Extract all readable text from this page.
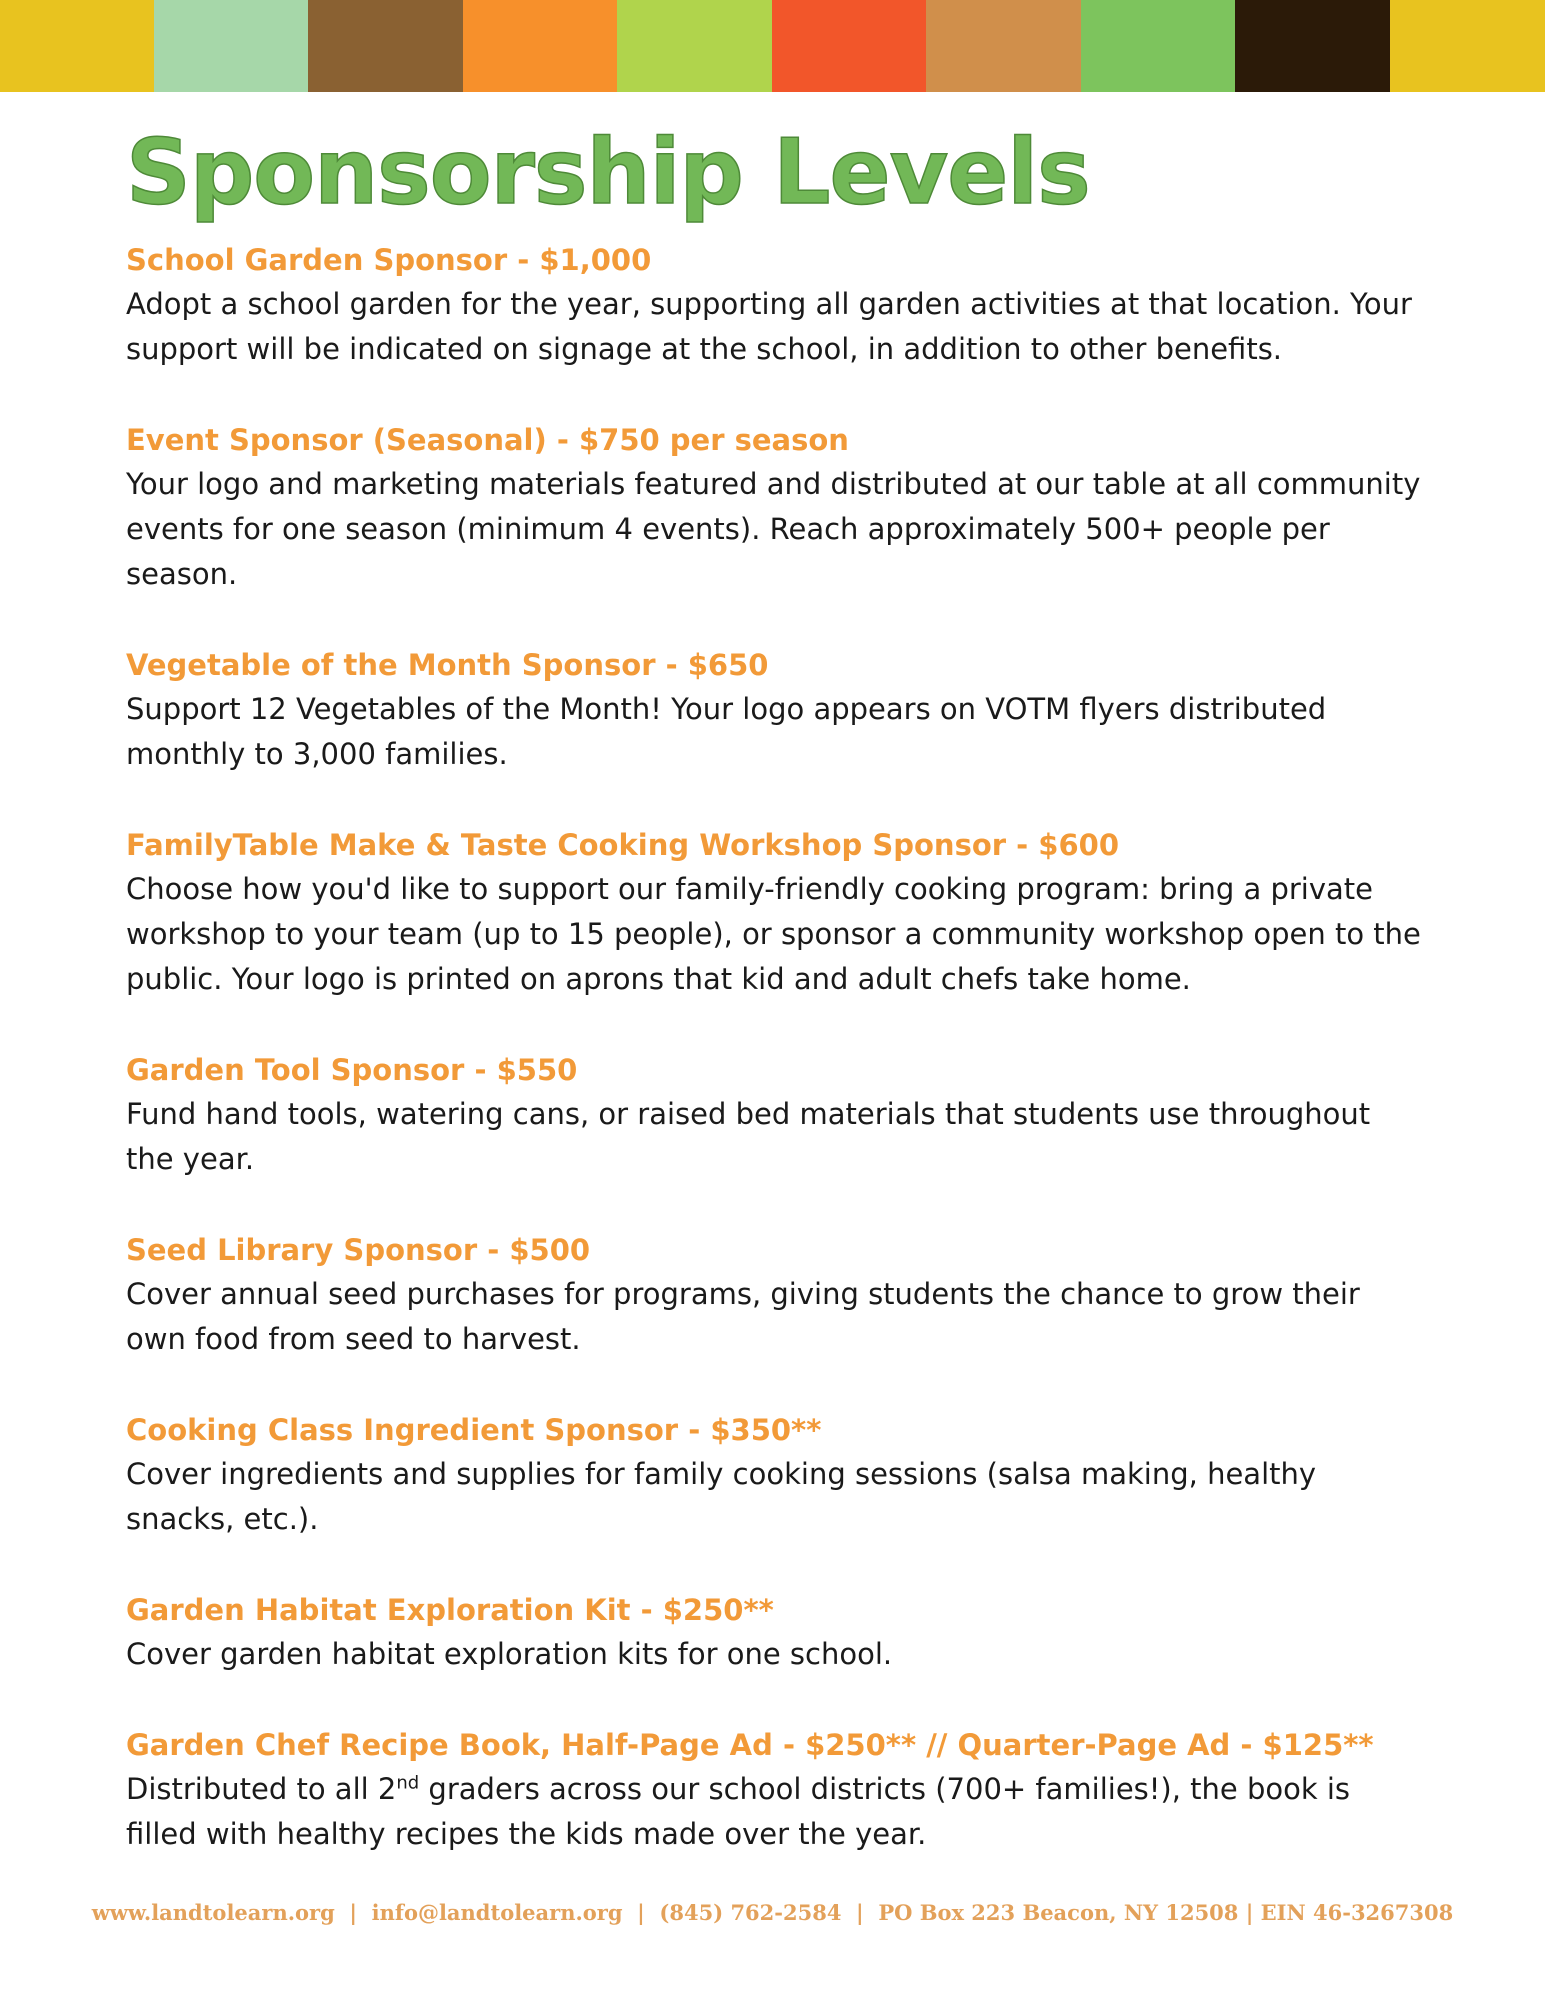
Sponsorship Levels

School Garden Sponsor - $1,000

Adopt a school garden for the year, supporting all garden activities at that location. Your support will be indicated on signage at the school, in addition to other benefits.

Event Sponsor (Seasonal) - $750 per season

Your logo and marketing materials featured and distributed at our table at all community events for one season (minimum 4 events). Reach approximately 500+ people per season.

Vegetable of the Month Sponsor - $650

Support 12 Vegetables of the Month! Your logo appears on VOTM flyers distributed monthly to 3,000 families.

FamilyTable Make & Taste Cooking Workshop Sponsor - $600

Choose how you'd like to support our family-friendly cooking program: bring a private workshop to your team (up to 15 people), or sponsor a community workshop open to the public. Your logo is printed on aprons that kid and adult chefs take home.

Garden Tool Sponsor - $550

Fund hand tools, watering cans, or raised bed materials that students use throughout the year.

Seed Library Sponsor - $500

Cover annual seed purchases for programs, giving students the chance to grow their own food from seed to harvest.

Cooking Class Ingredient Sponsor - $350**

Cover ingredients and supplies for family cooking sessions (salsa making, healthy snacks, etc.).

Garden Habitat Exploration Kit - $250**

Cover garden habitat exploration kits for one school.

Garden Chef Recipe Book, Half-Page Ad - $250** // Quarter-Page Ad - $125**

Distributed to all 2nd graders across our school districts (700+ families!), the book is filled with healthy recipes the kids made over the year.

www.landtolearn.org  |  info@landtolearn.org  |  (845) 762-2584  |  PO Box 223 Beacon, NY 12508 | EIN 46-3267308
